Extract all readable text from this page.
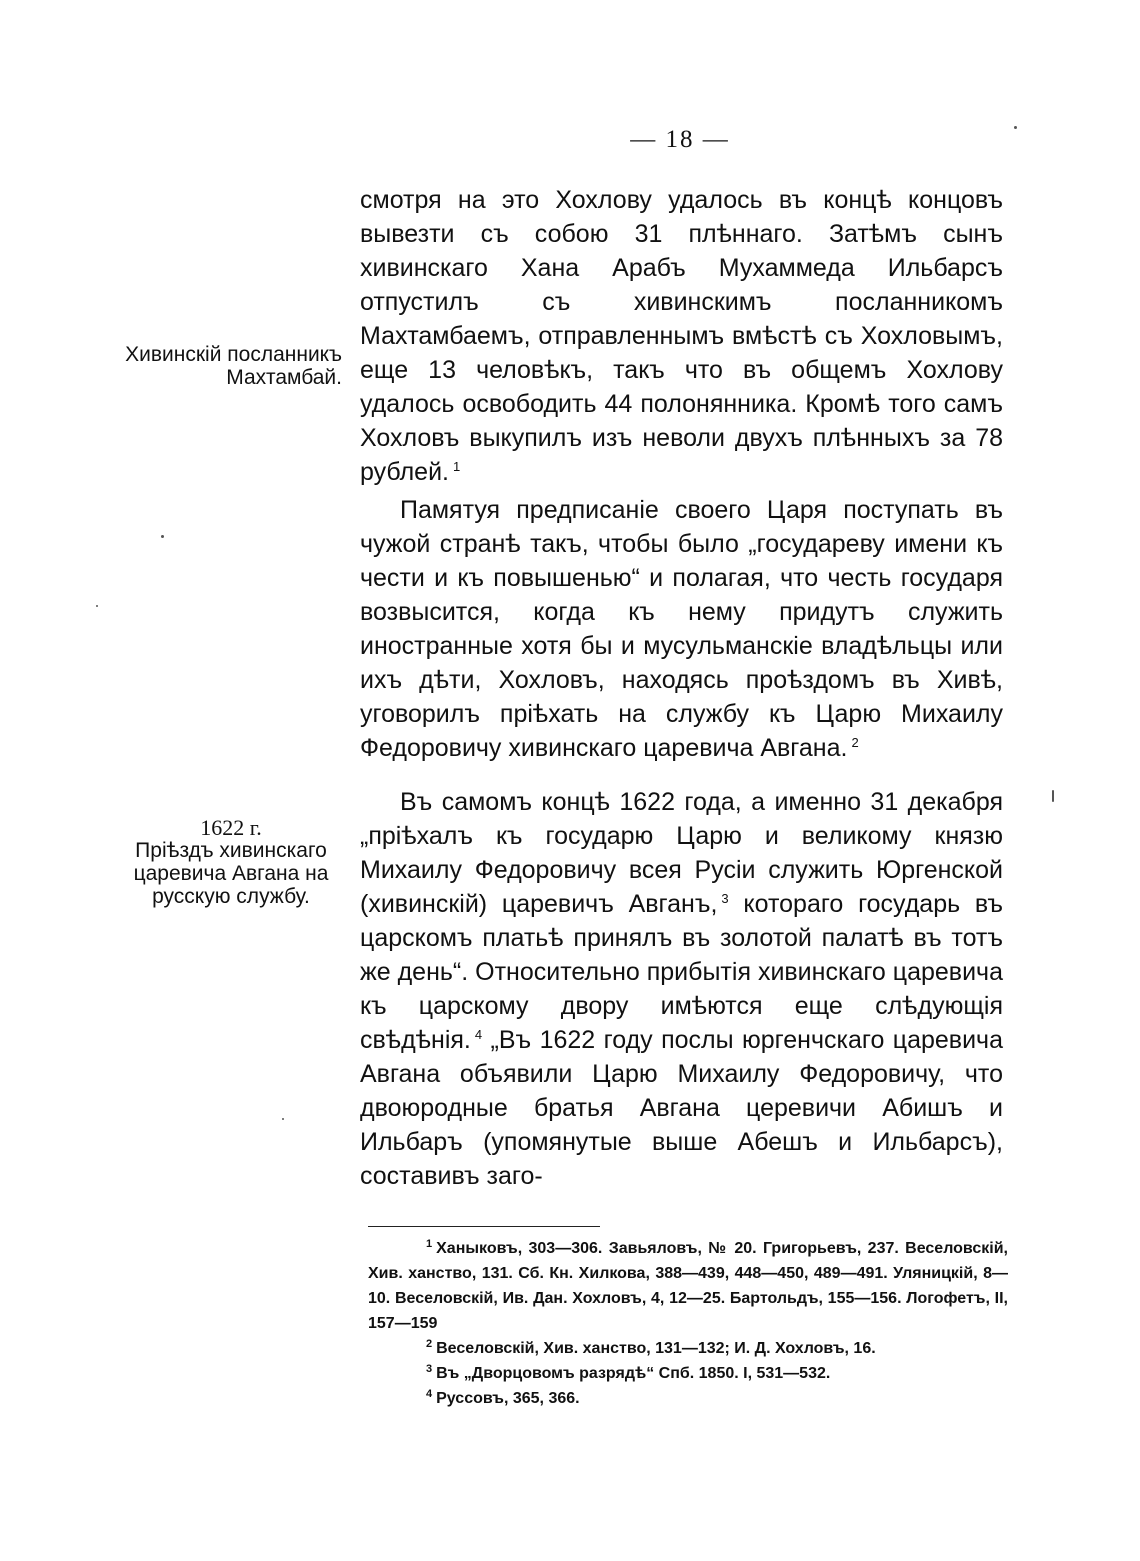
— 18 —
Хивинскій посланникъ Махтамбай.
1622 г.
Пріѣздъ хивинскаго царевича Авгана на русскую службу.

смотря на это Хохлову удалось въ концѣ концовъ вывезти съ собою 31 плѣннаго. Затѣмъ сынъ хивинскаго Хана Арабъ Мухаммеда Ильбарсъ отпустилъ съ хивинскимъ посланникомъ Махтамбаемъ, отправленнымъ вмѣстѣ съ Хохловымъ, еще 13 человѣкъ, такъ что въ общемъ Хохлову удалось освободить 44 полонянника. Кромѣ того самъ Хохловъ выкупилъ изъ неволи двухъ плѣнныхъ за 78 рублей. $^1$

Памятуя предписаніе своего Царя поступать въ чужой странѣ такъ, чтобы было „государеву имени къ чести и къ повышенью“ и полагая, что честь государя возвысится, когда къ нему придутъ служить иностранные хотя бы и мусульманскіе владѣльцы или ихъ дѣти, Хохловъ, находясь проѣздомъ въ Хивѣ, уговорилъ пріѣхать на службу къ Царю Михаилу Федоровичу хивинскаго царевича Авгана. $^2$

Въ самомъ концѣ 1622 года, а именно 31 декабря „пріѣхалъ къ государю Царю и великому князю Михаилу Федоровичу всея Русіи служить Юргенской (хивинскій) царевичъ Авганъ, $^3$ котораго государь въ царскомъ платьѣ принялъ въ золотой палатѣ въ тотъ же день“. Относительно прибытія хивинскаго царевича къ царскому двору имѣются еще слѣдующія свѣдѣнія. $^4$ „Въ 1622 году послы юргенчскаго царевича Авгана объявили Царю Михаилу Федоровичу, что двоюродные братья Авгана церевичи Абишъ и Ильбаръ (упомянутые выше Абешъ и Ильбарсъ), составивъ заго-

$^1$ Ханыковъ, 303—306. Завьяловъ, № 20. Григорьевъ, 237. Веселовскій, Хив. ханство, 131. Сб. Кн. Хилкова, 388—439, 448—450, 489—491. Уляницкій, 8—10. Веселовскій, Ив. Дан. Хохловъ, 4, 12—25. Бартольдъ, 155—156. Логофетъ, II, 157—159

$^2$ Веселовскій, Хив. ханство, 131—132; И. Д. Хохловъ, 16.

$^3$ Въ „Дворцовомъ разрядѣ“ Спб. 1850. I, 531—532.

$^4$ Руссовъ, 365, 366.
